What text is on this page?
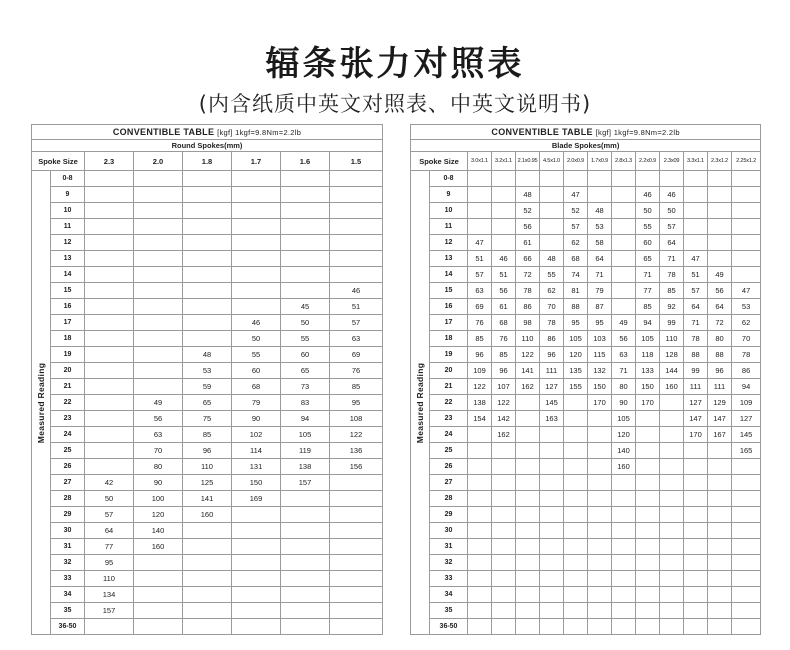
辐条张力对照表
(内含纸质中英文对照表、中英文说明书)
CONVENTIBLE TABLE [kgf] 1kgf=9.8Nm=2.2lb							
Round Spokes(mm)							
Spoke Size		2.3	2.0	1.8	1.7	1.6	1.5

Measured Reading	0-8						
	9						
	10						
	11						
	12						
	13						
	14						
	15						46
	16					45	51
	17				46	50	57
	18				50	55	63
	19			48	55	60	69
	20			53	60	65	76
	21			59	68	73	85
	22		49	65	79	83	95
	23		56	75	90	94	108
	24		63	85	102	105	122
	25		70	96	114	119	136
	26		80	110	131	138	156
	27	42	90	125	150	157	
	28	50	100	141	169		
	29	57	120	160			
	30	64	140				
	31	77	160				
	32	95					
	33	110					
	34	134					
	35	157					
	36-50						
CONVENTIBLE TABLE [kgf] 1kgf=9.8Nm=2.2lb													
Blade Spokes(mm)													
Spoke Size		3.0x1.1	3.2x1.1	2.1x0.95	4.5x1.0	2.0x0.9	1.7x0.9	2.8x1.3	2.2x0.9	2.3x09	3.3x1.1	2.3x1.2	2.25x1.2

Measured Reading	0-8												
	9			48		47			46	46			
	10			52		52	48		50	50			
	11			56		57	53		55	57			
	12	47		61		62	58		60	64			
	13	51	46	66	48	68	64		65	71	47		
	14	57	51	72	55	74	71		71	78	51	49	
	15	63	56	78	62	81	79		77	85	57	56	47
	16	69	61	86	70	88	87		85	92	64	64	53
	17	76	68	98	78	95	95	49	94	99	71	72	62
	18	85	76	110	86	105	103	56	105	110	78	80	70
	19	96	85	122	96	120	115	63	118	128	88	88	78
	20	109	96	141	111	135	132	71	133	144	99	96	86
	21	122	107	162	127	155	150	80	150	160	111	111	94
	22	138	122		145		170	90	170		127	129	109
	23	154	142		163			105			147	147	127
	24		162					120			170	167	145
	25							140					165
	26							160					
	27												
	28												
	29												
	30												
	31												
	32												
	33												
	34												
	35												
	36-50												
